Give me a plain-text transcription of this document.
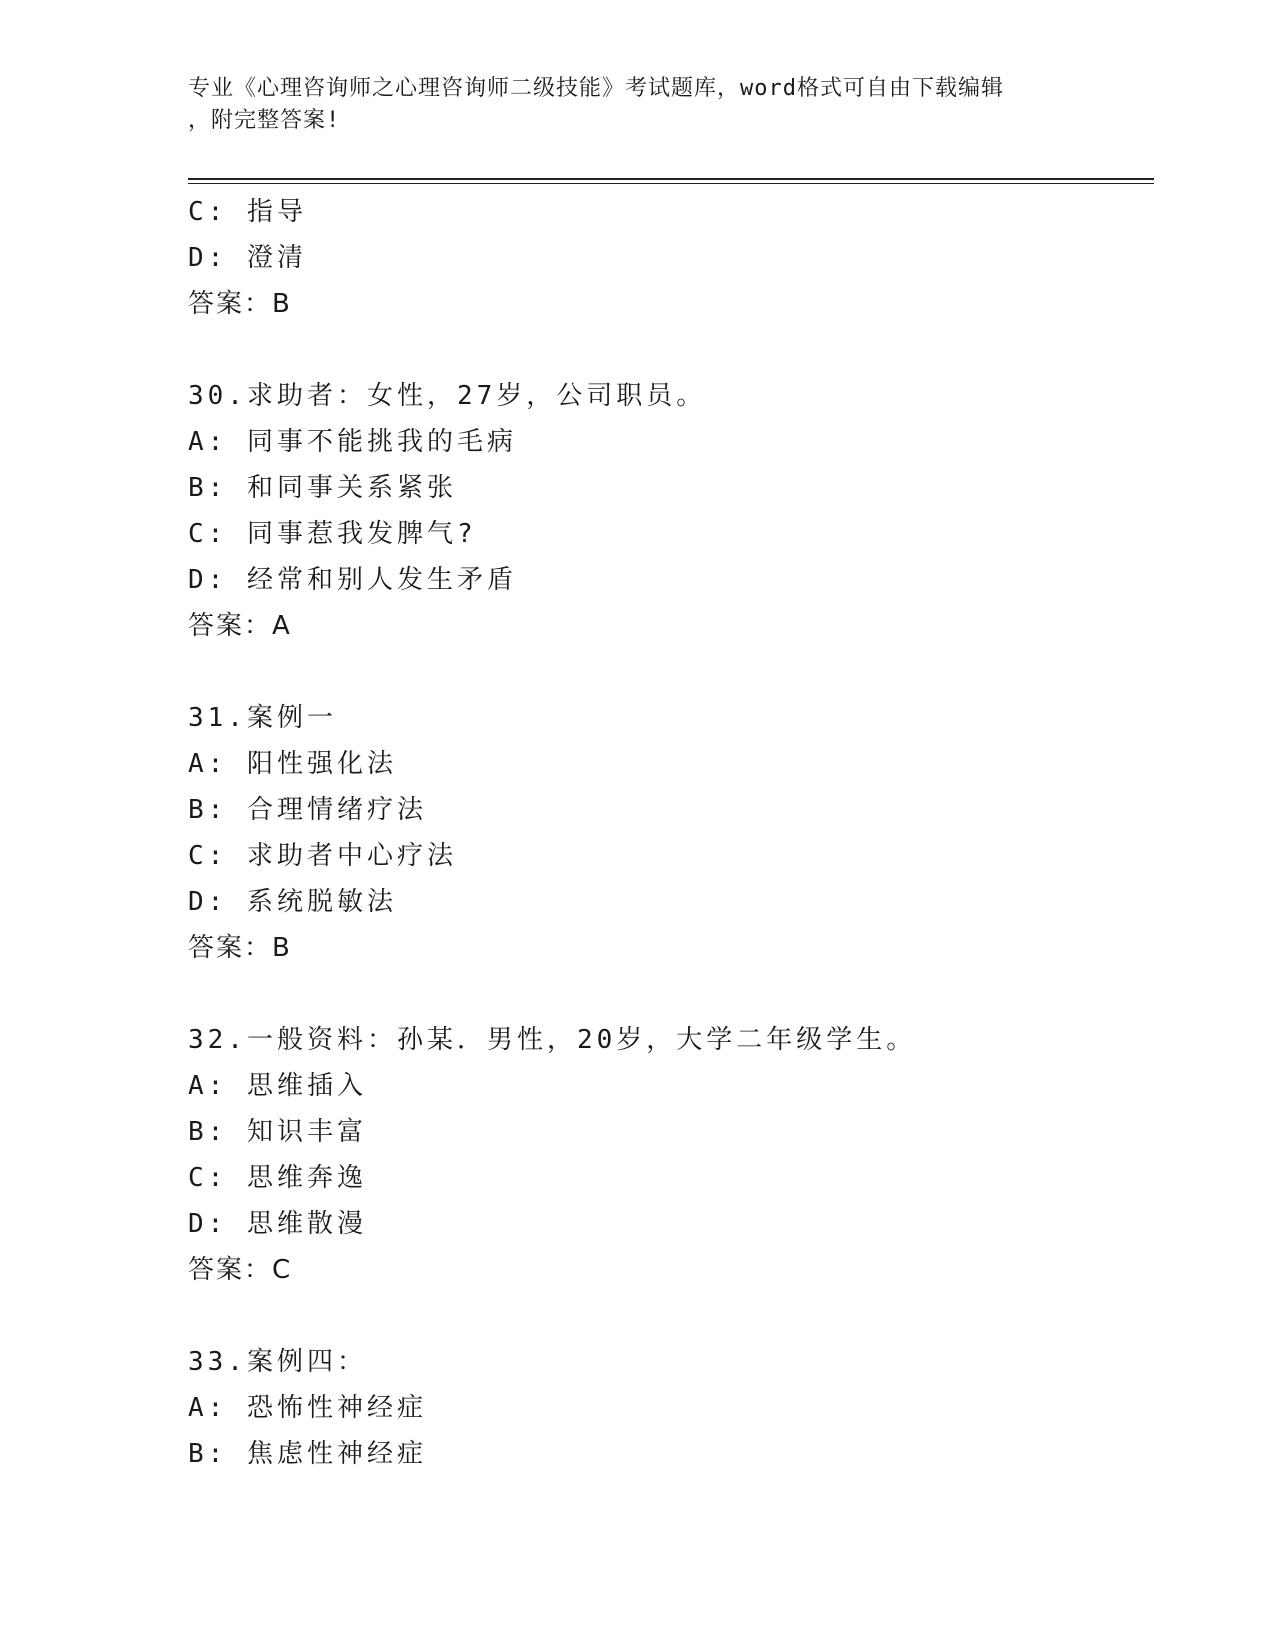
专业《心理咨询师之心理咨询师二级技能》考试题库，word格式可自由下载编辑
，附完整答案!
C: 指导
D: 澄清
答案：B
30.求助者：女性，27岁，公司职员。
A: 同事不能挑我的毛病
B: 和同事关系紧张
C: 同事惹我发脾气?
D: 经常和别人发生矛盾
答案：A
31.案例一
A: 阳性强化法
B: 合理情绪疗法
C: 求助者中心疗法
D: 系统脱敏法
答案：B
32.一般资料：孙某．男性，20岁，大学二年级学生。
A: 思维插入
B: 知识丰富
C: 思维奔逸
D: 思维散漫
答案：C
33.案例四：
A: 恐怖性神经症
B: 焦虑性神经症
